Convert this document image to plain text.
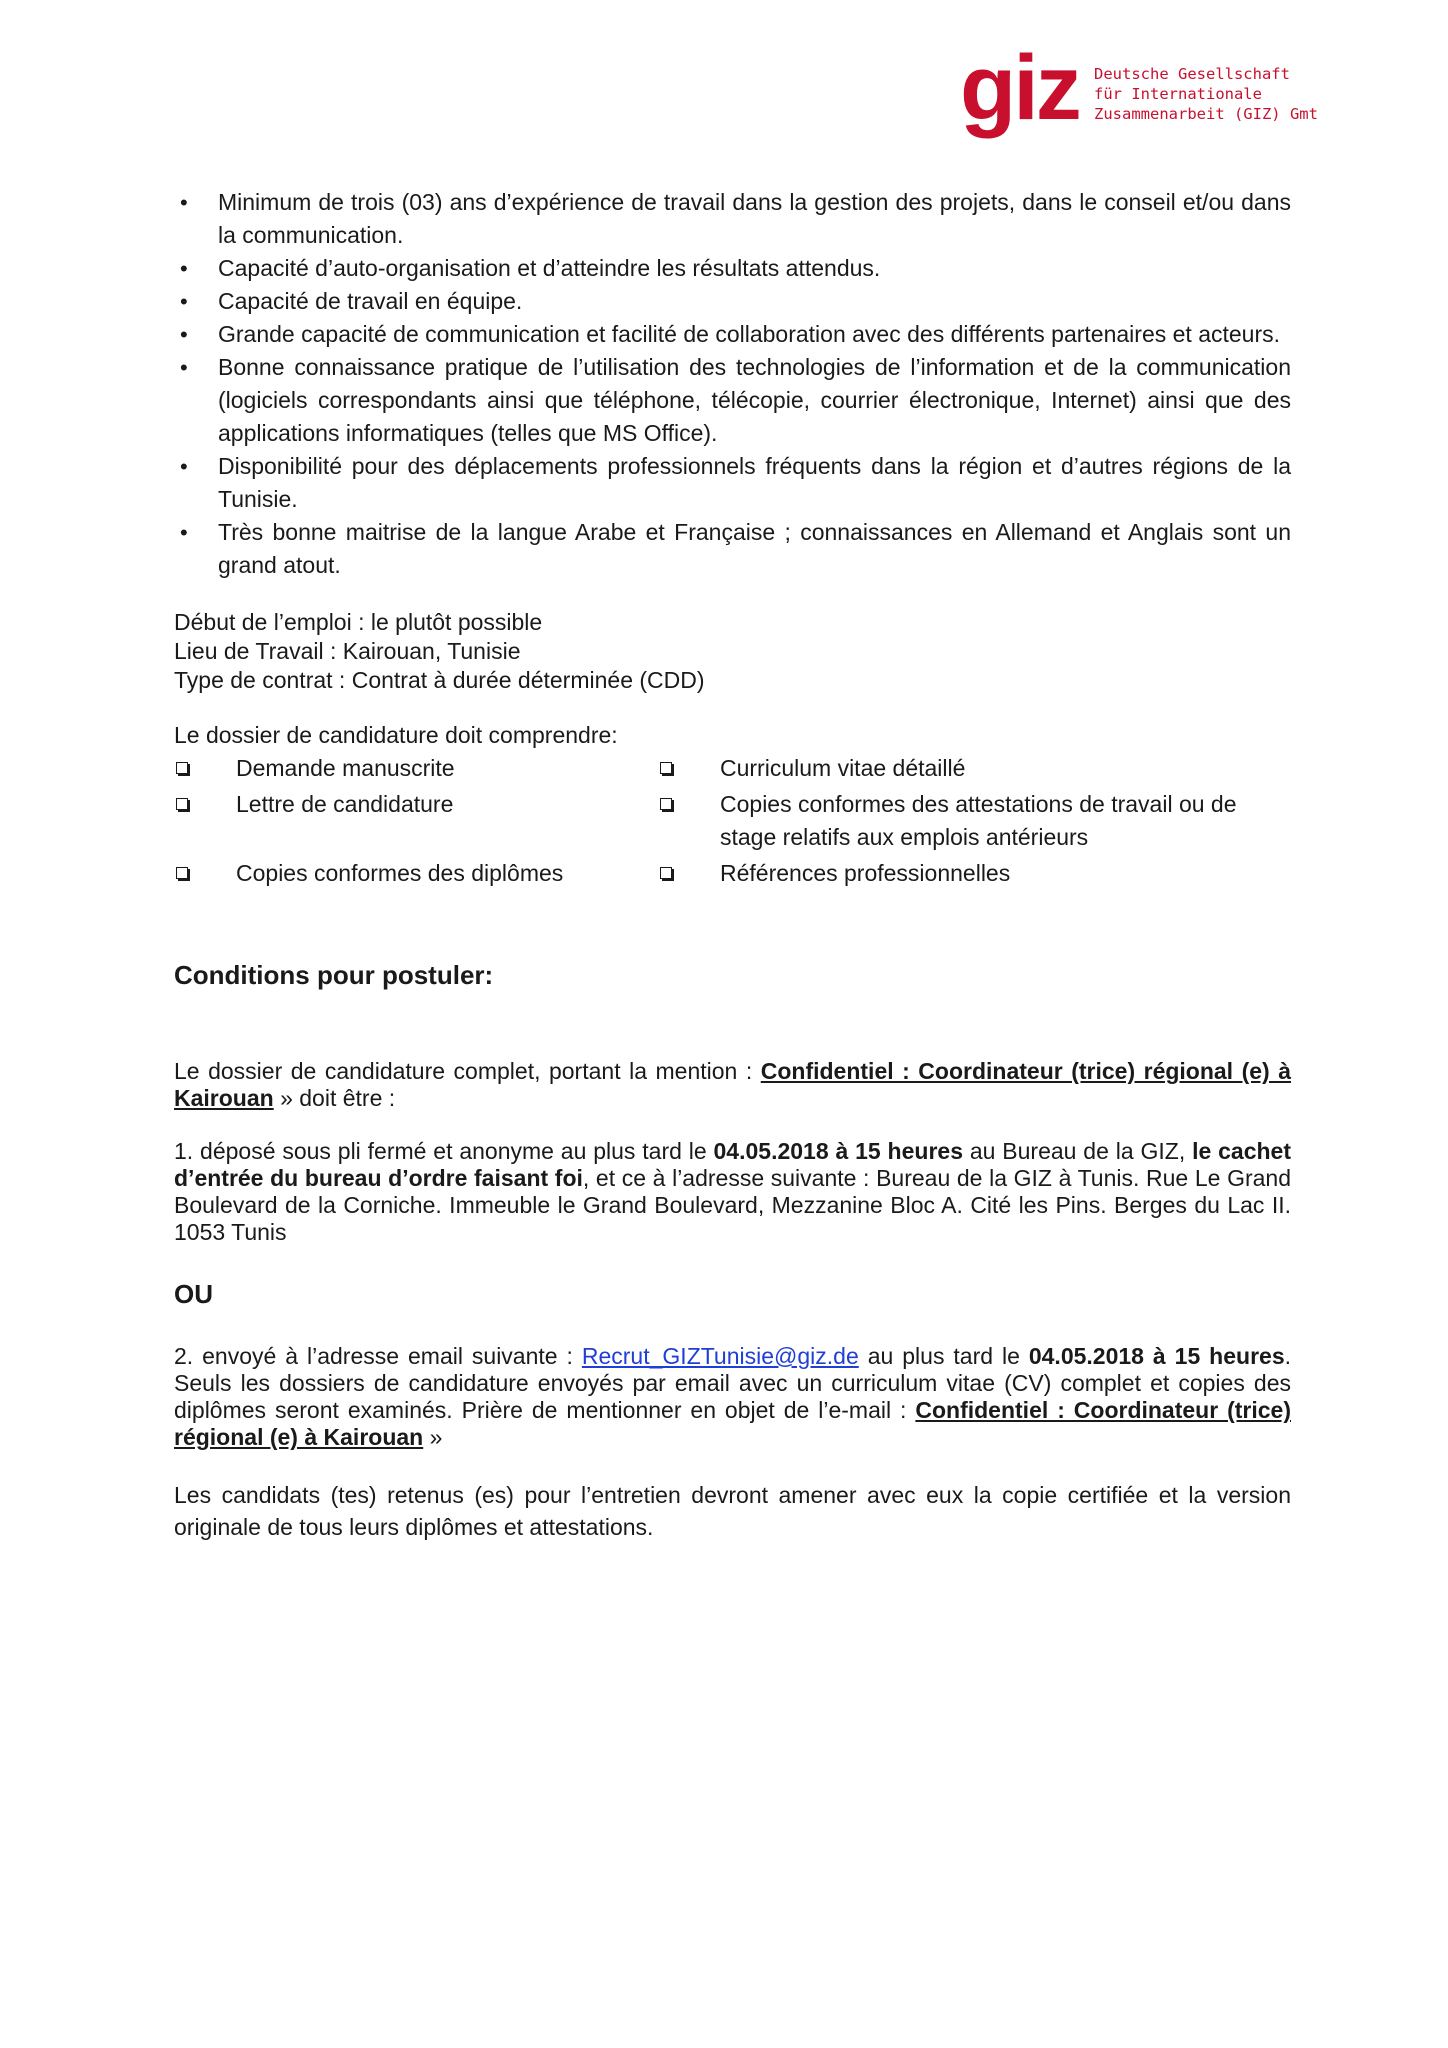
giz Deutsche Gesellschaft
für Internationale
Zusammenarbeit (GIZ) Gmt
• Minimum de trois (03) ans d’expérience de travail dans la gestion des projets, dans le conseil et/ou dans la communication.
• Capacité d’auto-organisation et d’atteindre les résultats attendus.
• Capacité de travail en équipe.
• Grande capacité de communication et facilité de collaboration avec des différents partenaires et acteurs.
• Bonne connaissance pratique de l’utilisation des technologies de l’information et de la communication (logiciels correspondants ainsi que téléphone, télécopie, courrier électronique, Internet) ainsi que des applications informatiques (telles que MS Office).
• Disponibilité pour des déplacements professionnels fréquents dans la région et d’autres régions de la Tunisie.
• Très bonne maitrise de la langue Arabe et Française ; connaissances en Allemand et Anglais sont un grand atout.
Début de l’emploi : le plutôt possible
Lieu de Travail : Kairouan, Tunisie
Type de contrat : Contrat à durée déterminée (CDD)
Le dossier de candidature doit comprendre:
Demande manuscrite	Curriculum vitae détaillé
Lettre de candidature	Copies conformes des attestations de travail ou de stage relatifs aux emplois antérieurs
Copies conformes des diplômes	Références professionnelles
Conditions pour postuler:

Le dossier de candidature complet, portant la mention : Confidentiel : Coordinateur (trice) régional (e) à Kairouan » doit être :

1. déposé sous pli fermé et anonyme au plus tard le 04.05.2018 à 15 heures au Bureau de la GIZ, le cachet d’entrée du bureau d’ordre faisant foi, et ce à l’adresse suivante : Bureau de la GIZ à Tunis. Rue Le Grand Boulevard de la Corniche. Immeuble le Grand Boulevard, Mezzanine Bloc A. Cité les Pins. Berges du Lac II. 1053 Tunis

OU

2. envoyé à l’adresse email suivante : Recrut_GIZTunisie@giz.de au plus tard le 04.05.2018 à 15 heures. Seuls les dossiers de candidature envoyés par email avec un curriculum vitae (CV) complet et copies des diplômes seront examinés. Prière de mentionner en objet de l’e-mail : Confidentiel : Coordinateur (trice) régional (e) à Kairouan »

Les candidats (tes) retenus (es) pour l’entretien devront amener avec eux la copie certifiée et la version originale de tous leurs diplômes et attestations.
